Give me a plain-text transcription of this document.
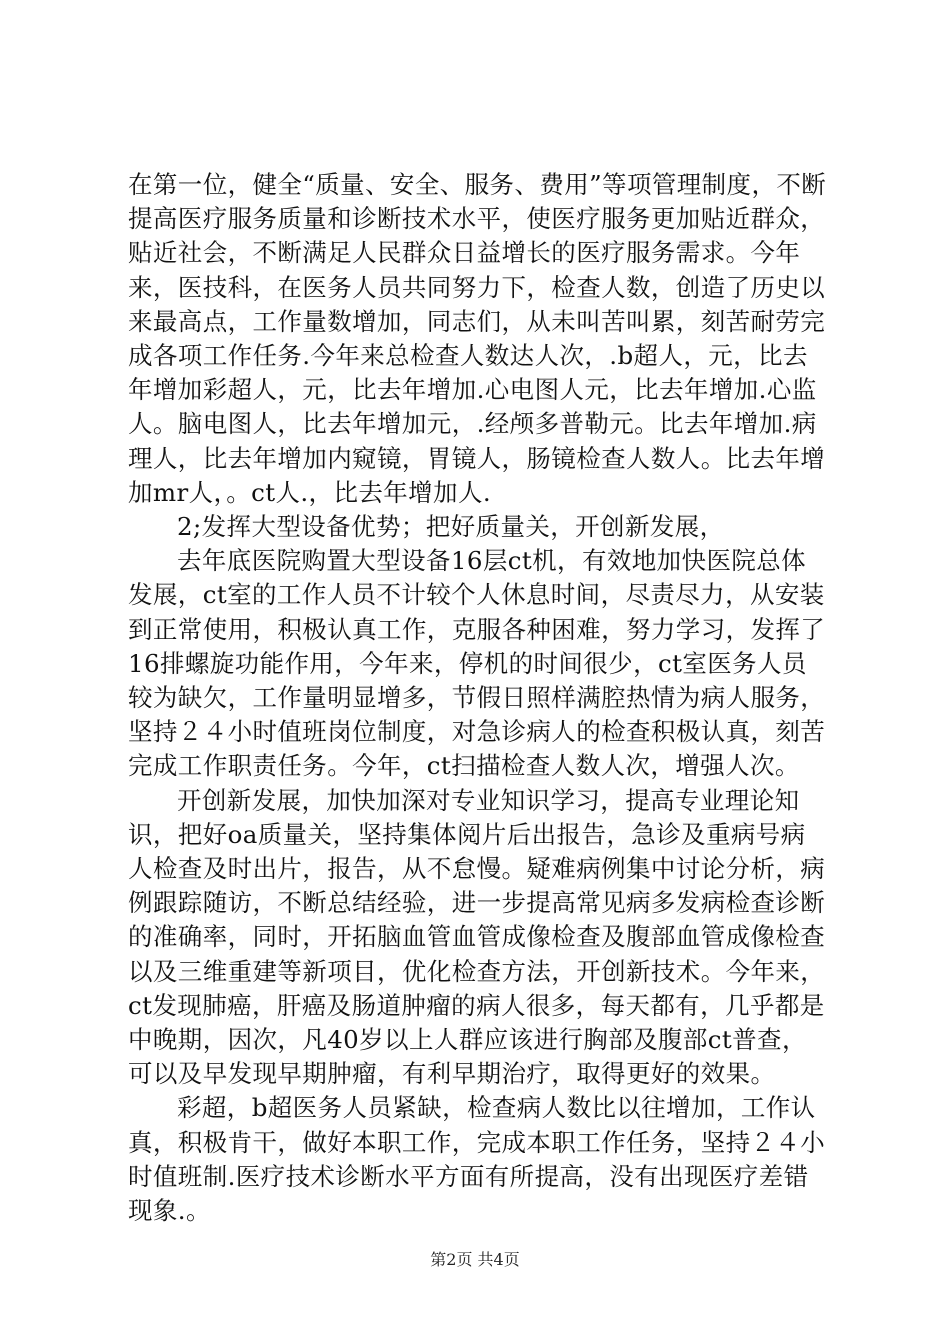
在第一位，健全“质量、安全、服务、费用”等项管理制度，不断提高医疗服务质量和诊断技术水平，使医疗服务更加贴近群众，贴近社会，不断满足人民群众日益增长的医疗服务需求。今年来，医技科，在医务人员共同努力下，检查人数，创造了历史以来最高点，工作量数增加，同志们，从未叫苦叫累，刻苦耐劳完成各项工作任务.今年来总检查人数达人次，.b超人，元，比去年增加彩超人，元，比去年增加.心电图人元，比去年增加.心监人。脑电图人，比去年增加元，.经颅多普勒元。比去年增加.病理人，比去年增加内窥镜，胃镜人，肠镜检查人数人。比去年增加mr人，。ct人.，比去年增加人.

2;发挥大型设备优势；把好质量关，开创新发展，

去年底医院购置大型设备16层ct机，有效地加快医院总体发展，ct室的工作人员不计较个人休息时间，尽责尽力，从安装到正常使用，积极认真工作，克服各种困难，努力学习，发挥了16排螺旋功能作用，今年来，停机的时间很少，ct室医务人员较为缺欠，工作量明显增多，节假日照样满腔热情为病人服务，坚持２４小时值班岗位制度，对急诊病人的检查积极认真，刻苦完成工作职责任务。今年，ct扫描检查人数人次，增强人次。

开创新发展，加快加深对专业知识学习，提高专业理论知识，把好oa质量关，坚持集体阅片后出报告，急诊及重病号病人检查及时出片，报告，从不怠慢。疑难病例集中讨论分析，病例跟踪随访，不断总结经验，进一步提高常见病多发病检查诊断的准确率，同时，开拓脑血管血管成像检查及腹部血管成像检查以及三维重建等新项目，优化检查方法，开创新技术。今年来，ct发现肺癌，肝癌及肠道肿瘤的病人很多，每天都有，几乎都是中晚期，因次，凡40岁以上人群应该进行胸部及腹部ct普查，可以及早发现早期肿瘤，有利早期治疗，取得更好的效果。

彩超，b超医务人员紧缺，检查病人数比以往增加，工作认真，积极肯干，做好本职工作，完成本职工作任务，坚持２４小时值班制.医疗技术诊断水平方面有所提高，没有出现医疗差错现象.。

第2页 共4页
